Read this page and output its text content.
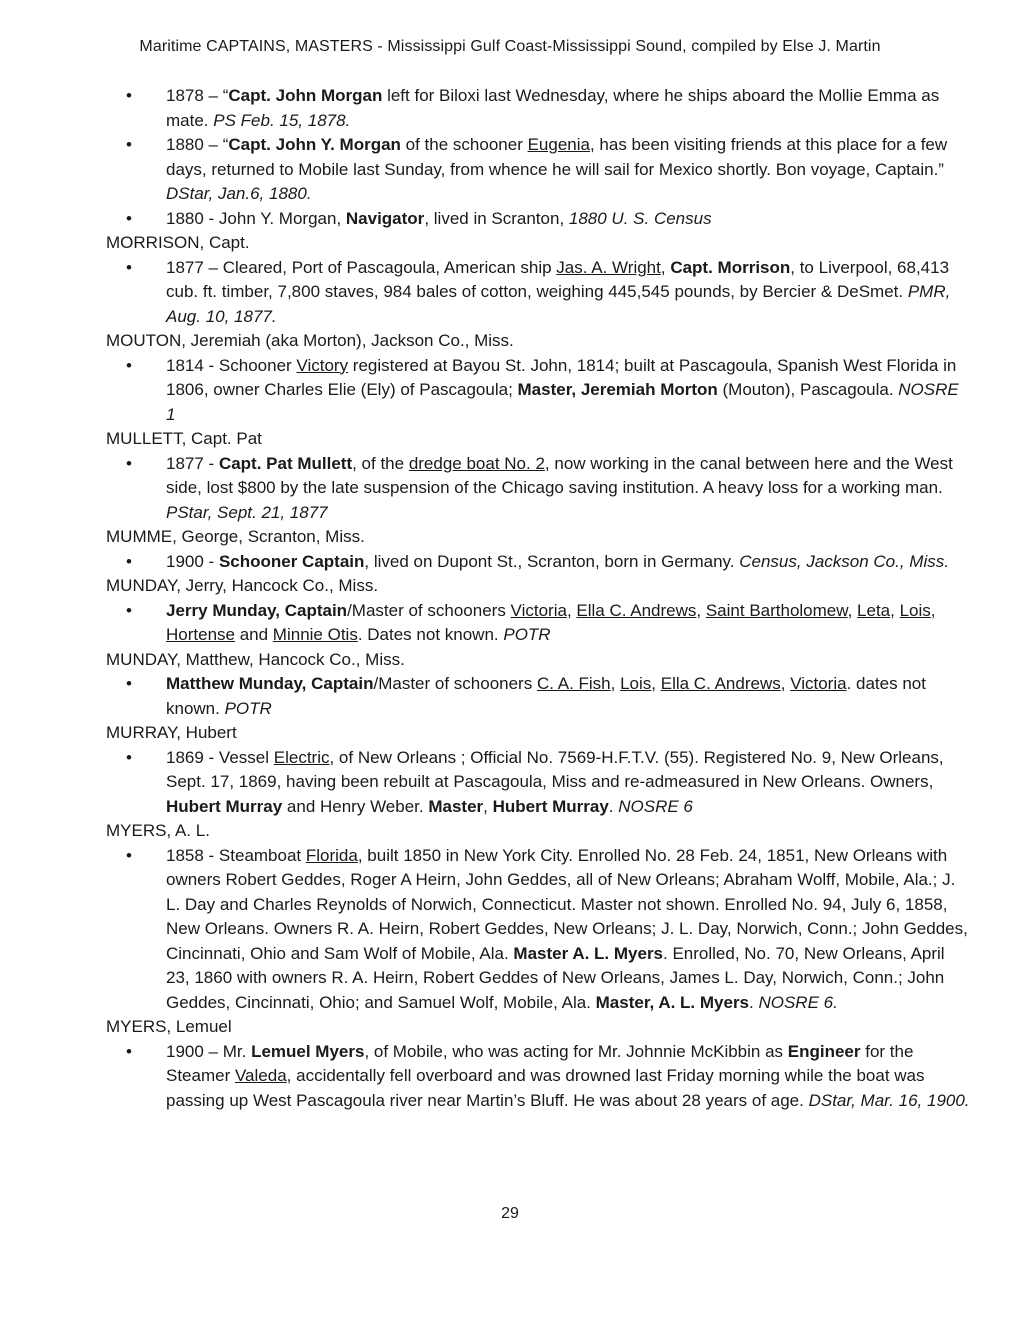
Maritime CAPTAINS, MASTERS - Mississippi Gulf Coast-Mississippi Sound, compiled by Else J. Martin
• 1878 – “Capt. John Morgan left for Biloxi last Wednesday, where he ships aboard the Mollie Emma as mate. PS Feb. 15, 1878.
• 1880 – “Capt. John Y. Morgan of the schooner Eugenia, has been visiting friends at this place for a few days, returned to Mobile last Sunday, from whence he will sail for Mexico shortly. Bon voyage, Captain.” DStar, Jan.6, 1880.
• 1880 - John Y. Morgan, Navigator, lived in Scranton, 1880 U. S. Census
MORRISON, Capt.
• 1877 – Cleared, Port of Pascagoula, American ship Jas. A. Wright, Capt. Morrison, to Liverpool, 68,413 cub. ft. timber, 7,800 staves, 984 bales of cotton, weighing 445,545 pounds, by Bercier & DeSmet. PMR, Aug. 10, 1877.
MOUTON, Jeremiah (aka Morton), Jackson Co., Miss.
• 1814 - Schooner Victory registered at Bayou St. John, 1814; built at Pascagoula, Spanish West Florida in 1806, owner Charles Elie (Ely) of Pascagoula; Master, Jeremiah Morton (Mouton), Pascagoula. NOSRE 1
MULLETT, Capt. Pat
• 1877 - Capt. Pat Mullett, of the dredge boat No. 2, now working in the canal between here and the West side, lost $800 by the late suspension of the Chicago saving institution. A heavy loss for a working man. PStar, Sept. 21, 1877
MUMME, George, Scranton, Miss.
• 1900 - Schooner Captain, lived on Dupont St., Scranton, born in Germany. Census, Jackson Co., Miss.
MUNDAY, Jerry, Hancock Co., Miss.
• Jerry Munday, Captain/Master of schooners Victoria, Ella C. Andrews, Saint Bartholomew, Leta, Lois, Hortense and Minnie Otis. Dates not known. POTR
MUNDAY, Matthew, Hancock Co., Miss.
• Matthew Munday, Captain/Master of schooners C. A. Fish, Lois, Ella C. Andrews, Victoria. dates not known. POTR
MURRAY, Hubert
• 1869 - Vessel Electric, of New Orleans ; Official No. 7569-H.F.T.V. (55). Registered No. 9, New Orleans, Sept. 17, 1869, having been rebuilt at Pascagoula, Miss and re-admeasured in New Orleans. Owners, Hubert Murray and Henry Weber. Master, Hubert Murray. NOSRE 6
MYERS, A. L.
• 1858 - Steamboat Florida, built 1850 in New York City. Enrolled No. 28 Feb. 24, 1851, New Orleans with owners Robert Geddes, Roger A Heirn, John Geddes, all of New Orleans; Abraham Wolff, Mobile, Ala.; J. L. Day and Charles Reynolds of Norwich, Connecticut. Master not shown. Enrolled No. 94, July 6, 1858, New Orleans. Owners R. A. Heirn, Robert Geddes, New Orleans; J. L. Day, Norwich, Conn.; John Geddes, Cincinnati, Ohio and Sam Wolf of Mobile, Ala. Master A. L. Myers. Enrolled, No. 70, New Orleans, April 23, 1860 with owners R. A. Heirn, Robert Geddes of New Orleans, James L. Day, Norwich, Conn.; John Geddes, Cincinnati, Ohio; and Samuel Wolf, Mobile, Ala. Master, A. L. Myers. NOSRE 6.
MYERS, Lemuel
• 1900 – Mr. Lemuel Myers, of Mobile, who was acting for Mr. Johnnie McKibbin as Engineer for the Steamer Valeda, accidentally fell overboard and was drowned last Friday morning while the boat was passing up West Pascagoula river near Martin’s Bluff. He was about 28 years of age. DStar, Mar. 16, 1900.
29
